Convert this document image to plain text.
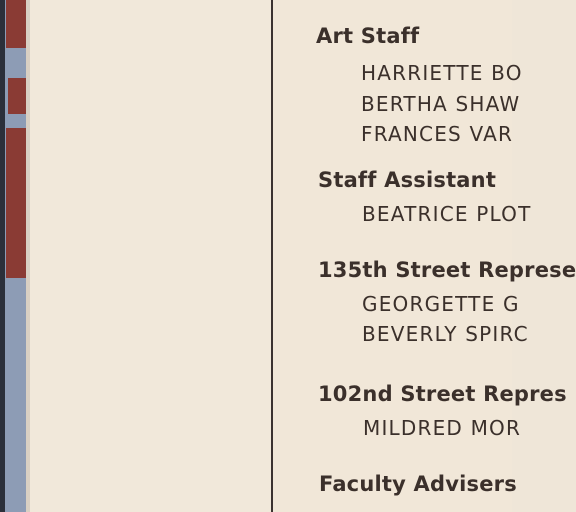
Art Staff
HARRIETTE BO
BERTHA SHAW
FRANCES VAR
Staff Assistant
BEATRICE PLOT
135th Street Represe
GEORGETTE G
BEVERLY SPIRC
102nd Street Repres
MILDRED MOR
Faculty Advisers
